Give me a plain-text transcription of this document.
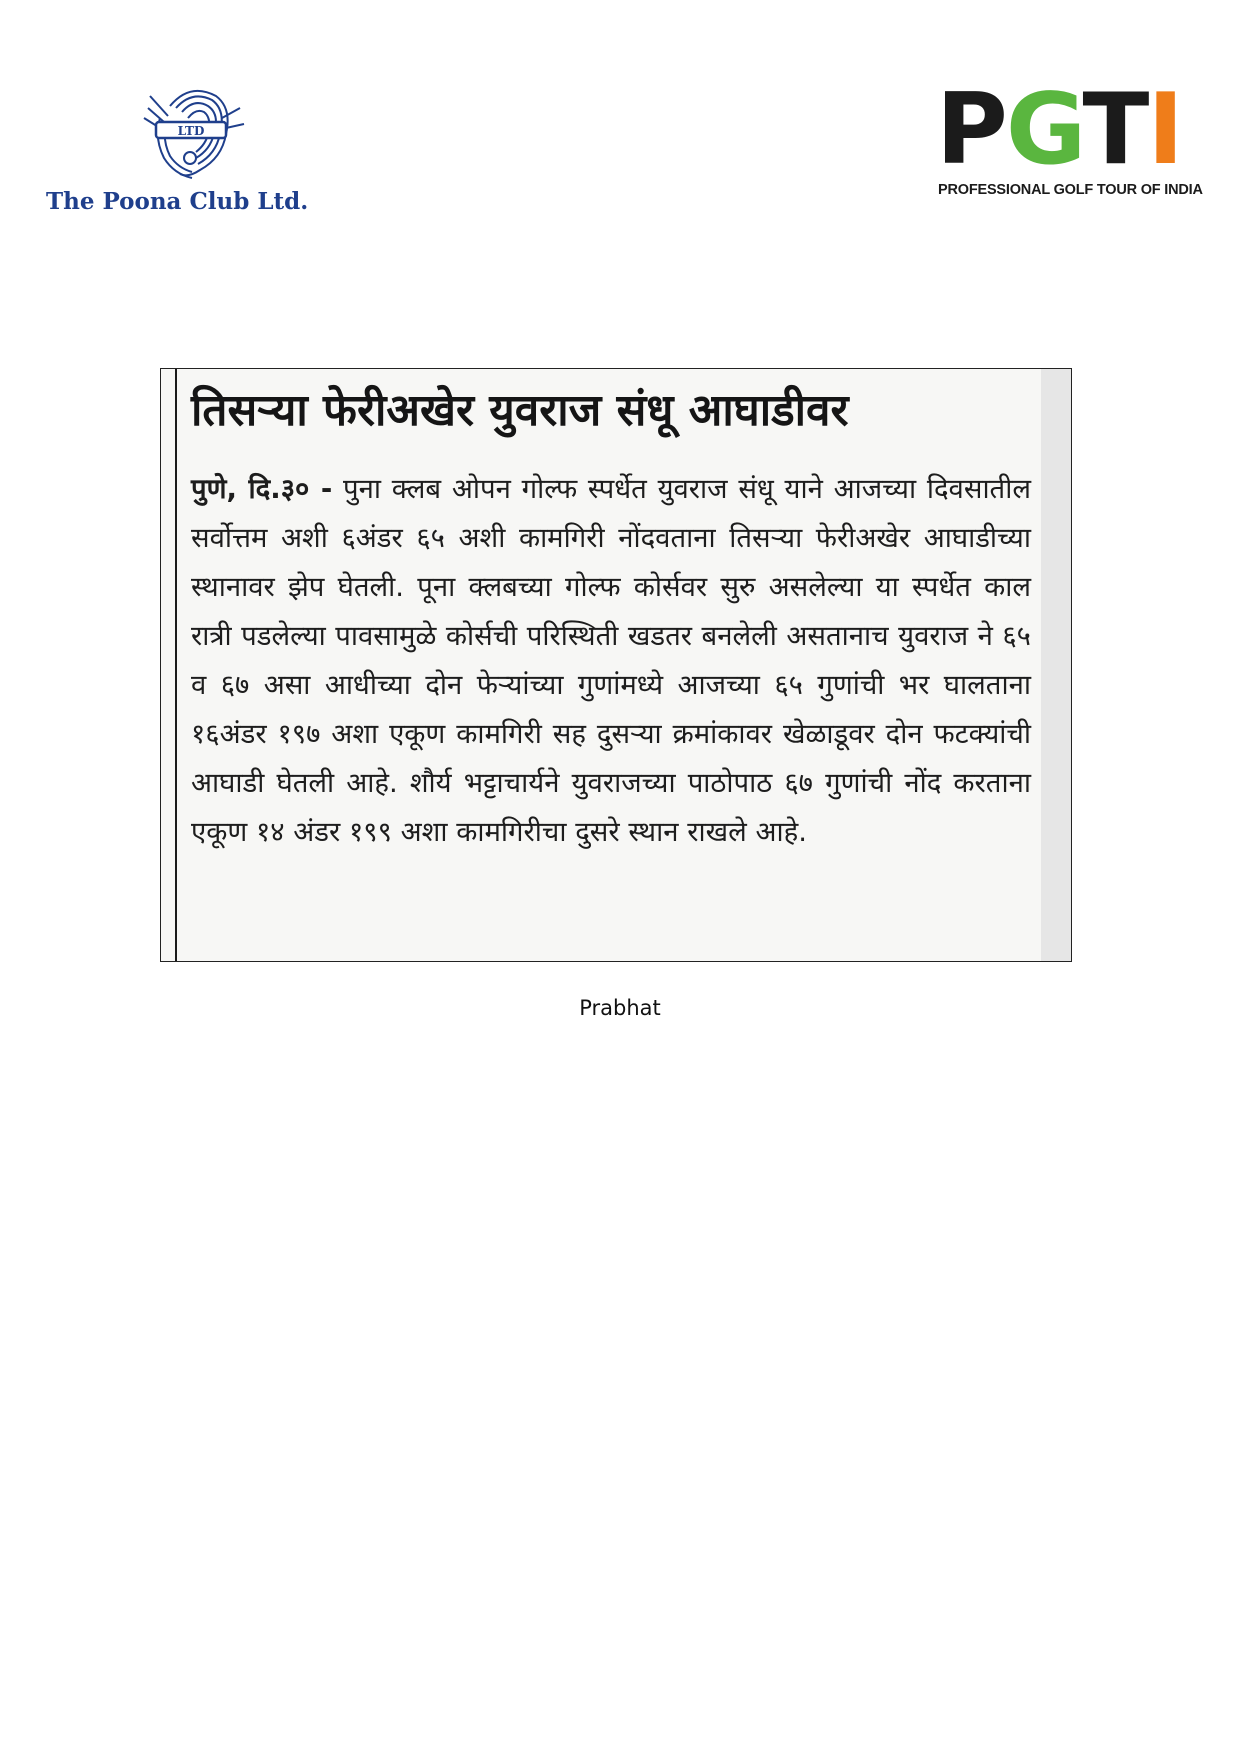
LTD
The Poona Club Ltd.
PGTI
PROFESSIONAL GOLF TOUR OF INDIA
तिसऱ्या फेरीअखेर युवराज संधू आघाडीवर
पुणे, दि.३० - पुना क्लब ओपन गोल्फ स्पर्धेत युवराज संधू याने आजच्या दिवसातील सर्वोत्तम अशी ६अंडर ६५ अशी कामगिरी नोंदवताना तिसऱ्या फेरीअखेर आघाडीच्या स्थानावर झेप घेतली. पूना क्लबच्या गोल्फ कोर्सवर सुरु असलेल्या या स्पर्धेत काल रात्री पडलेल्या पावसामुळे कोर्सची परिस्थिती खडतर बनलेली असतानाच युवराज ने ६५ व ६७ असा आधीच्या दोन फेऱ्यांच्या गुणांमध्ये आजच्या ६५ गुणांची भर घालताना १६अंडर १९७ अशा एकूण कामगिरी सह दुसऱ्या क्रमांकावर खेळाडूवर दोन फटक्यांची आघाडी घेतली आहे. शौर्य भट्टाचार्यने युवराजच्या पाठोपाठ ६७ गुणांची नोंद करताना एकूण १४ अंडर १९९ अशा कामगिरीचा दुसरे स्थान राखले आहे.
Prabhat
